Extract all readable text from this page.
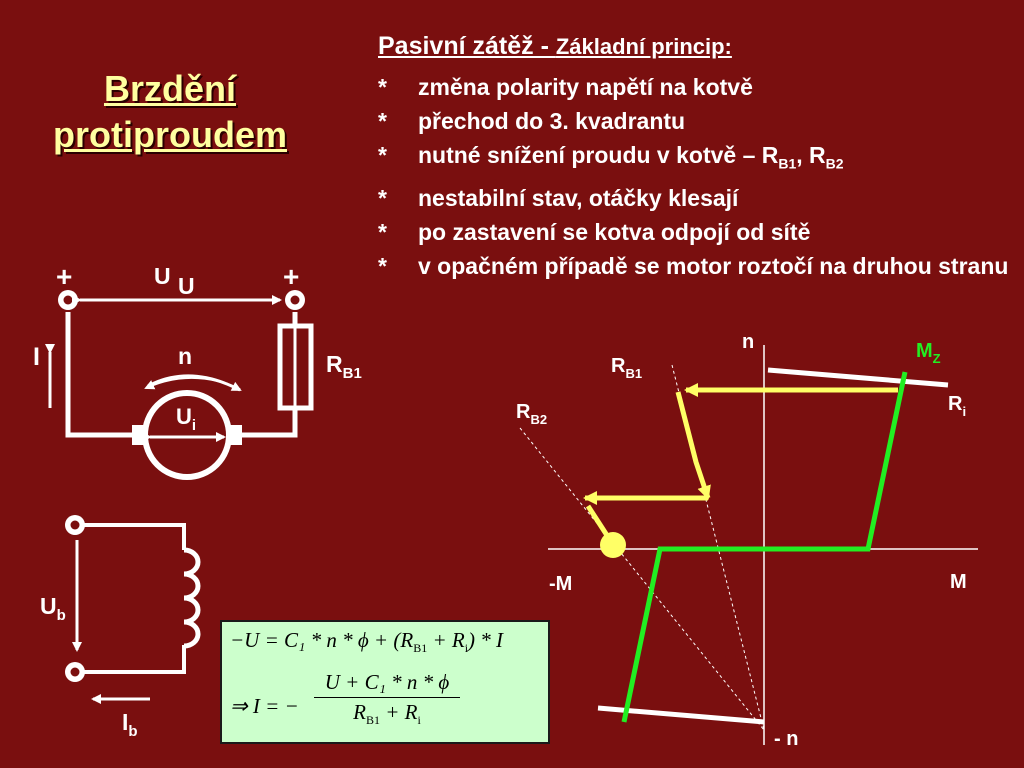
Brzdění
protiproudem
Pasivní zátěž - Základní princip:
* změna polarity napětí na kotvě
* přechod do 3. kvadrantu
* nutné snížení proudu v kotvě – $R_{B1}$, $R_{B2}$
* nestabilní stav, otáčky klesají
* po zastavení se kotva odpojí od sítě
* v opačném případě se motor roztočí na druhou stranu
+	+
U U
$R_{B1}$
I
$U_i$
n
$U_b$
$I_b$
n
- n
M
-M
$R_{B1}$
$R_{B2}$
$R_i$
$M_Z$
$-U = C_1 * n * \phi + (R_{B1} + R_i) * I$
⇒ I = − $\frac{\text{U + C₁ * n * ϕ}}{R_{B1} + R_i}$
